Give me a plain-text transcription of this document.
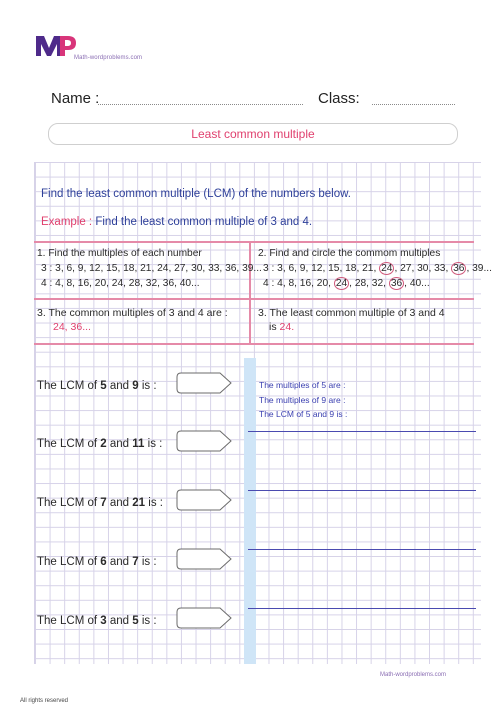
Math-wordproblems.com
Name :	Class:
Least common multiple
Find the least common multiple (LCM) of the numbers below.
Example : Find the least common multiple of 3 and 4.
1. Find the multiples of each number
3 : 3, 6, 9, 12, 15, 18, 21, 24, 27, 30, 33, 36, 39...
4 : 4, 8, 16, 20, 24, 28, 32, 36, 40...
2. Find and circle the commom multiples
3 : 3, 6, 9, 12, 15, 18, 21, 24 , 27, 30, 33, 36 , 39...
4 : 4, 8, 16, 20, 24 , 28, 32, 36 , 40...
3. The common multiples of 3 and 4 are :
24, 36...
3. The least common multiple of 3 and 4
is 24.
The LCM of 5 and 9 is :
The LCM of 2 and 11 is :
The LCM of 7 and 21 is :
The LCM of 6 and 7 is :
The LCM of 3 and 5 is :
The multiples of 5 are :
The multiples of 9 are :
The LCM of 5 and 9 is :
Math-wordproblems.com
All rights reserved
